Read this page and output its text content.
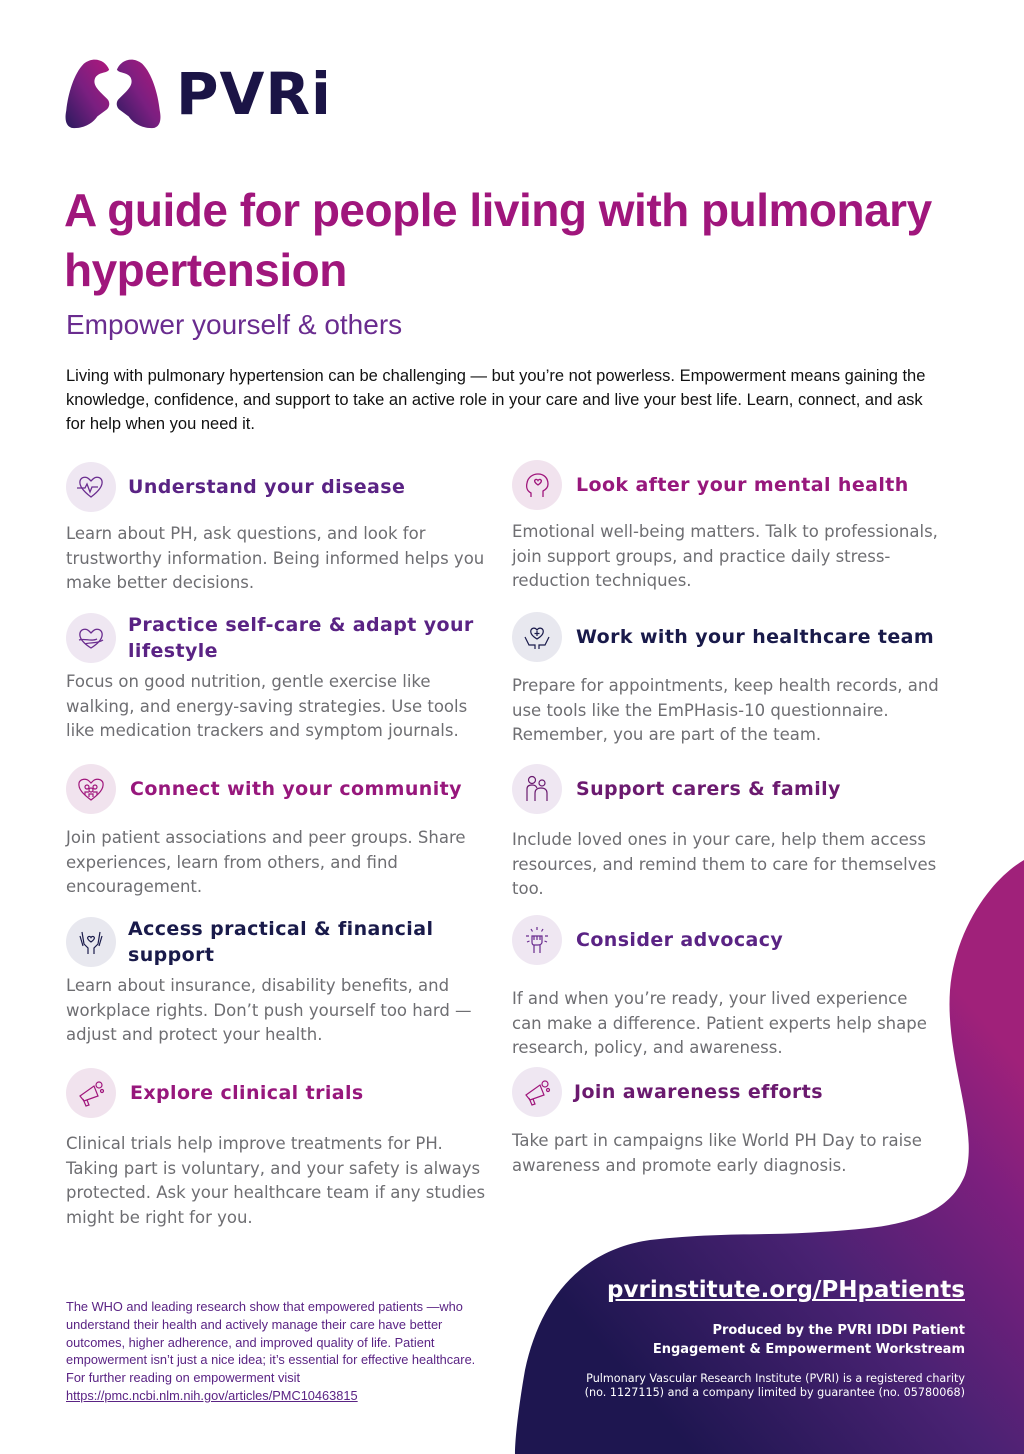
PVRi
A guide for people living with pulmonary hypertension
Empower yourself & others

Living with pulmonary hypertension can be challenging — but you’re not powerless. Empowerment means gaining the knowledge, confidence, and support to take an active role in your care and live your best life. Learn, connect, and ask for help when you need it.

Understand your disease

Learn about PH, ask questions, and look for trustworthy information. Being informed helps you make better decisions.

Look after your mental health

Emotional well-being matters. Talk to professionals, join support groups, and practice daily stress-reduction techniques.

Practice self-care & adapt your lifestyle

Focus on good nutrition, gentle exercise like walking, and energy-saving strategies. Use tools like medication trackers and symptom journals.

Work with your healthcare team

Prepare for appointments, keep health records, and use tools like the EmPHasis-10 questionnaire. Remember, you are part of the team.

Connect with your community

Join patient associations and peer groups. Share experiences, learn from others, and find encouragement.

Support carers & family

Include loved ones in your care, help them access resources, and remind them to care for themselves too.

Access practical & financial support

Learn about insurance, disability benefits, and workplace rights. Don’t push yourself too hard — adjust and protect your health.

Consider advocacy

If and when you’re ready, your lived experience can make a difference. Patient experts help shape research, policy, and awareness.

Explore clinical trials

Clinical trials help improve treatments for PH. Taking part is voluntary, and your safety is always protected. Ask your healthcare team if any studies might be right for you.

Join awareness efforts

Take part in campaigns like World PH Day to raise awareness and promote early diagnosis.

The WHO and leading research show that empowered patients —who understand their health and actively manage their care have better outcomes, higher adherence, and improved quality of life. Patient empowerment isn’t just a nice idea; it’s essential for effective healthcare. For further reading on empowerment visit https://pmc.ncbi.nlm.nih.gov/articles/PMC10463815

pvrinstitute.org/PHpatients
Produced by the PVRI IDDI Patient
Engagement & Empowerment Workstream
Pulmonary Vascular Research Institute (PVRI) is a registered charity
(no. 1127115) and a company limited by guarantee (no. 05780068)
